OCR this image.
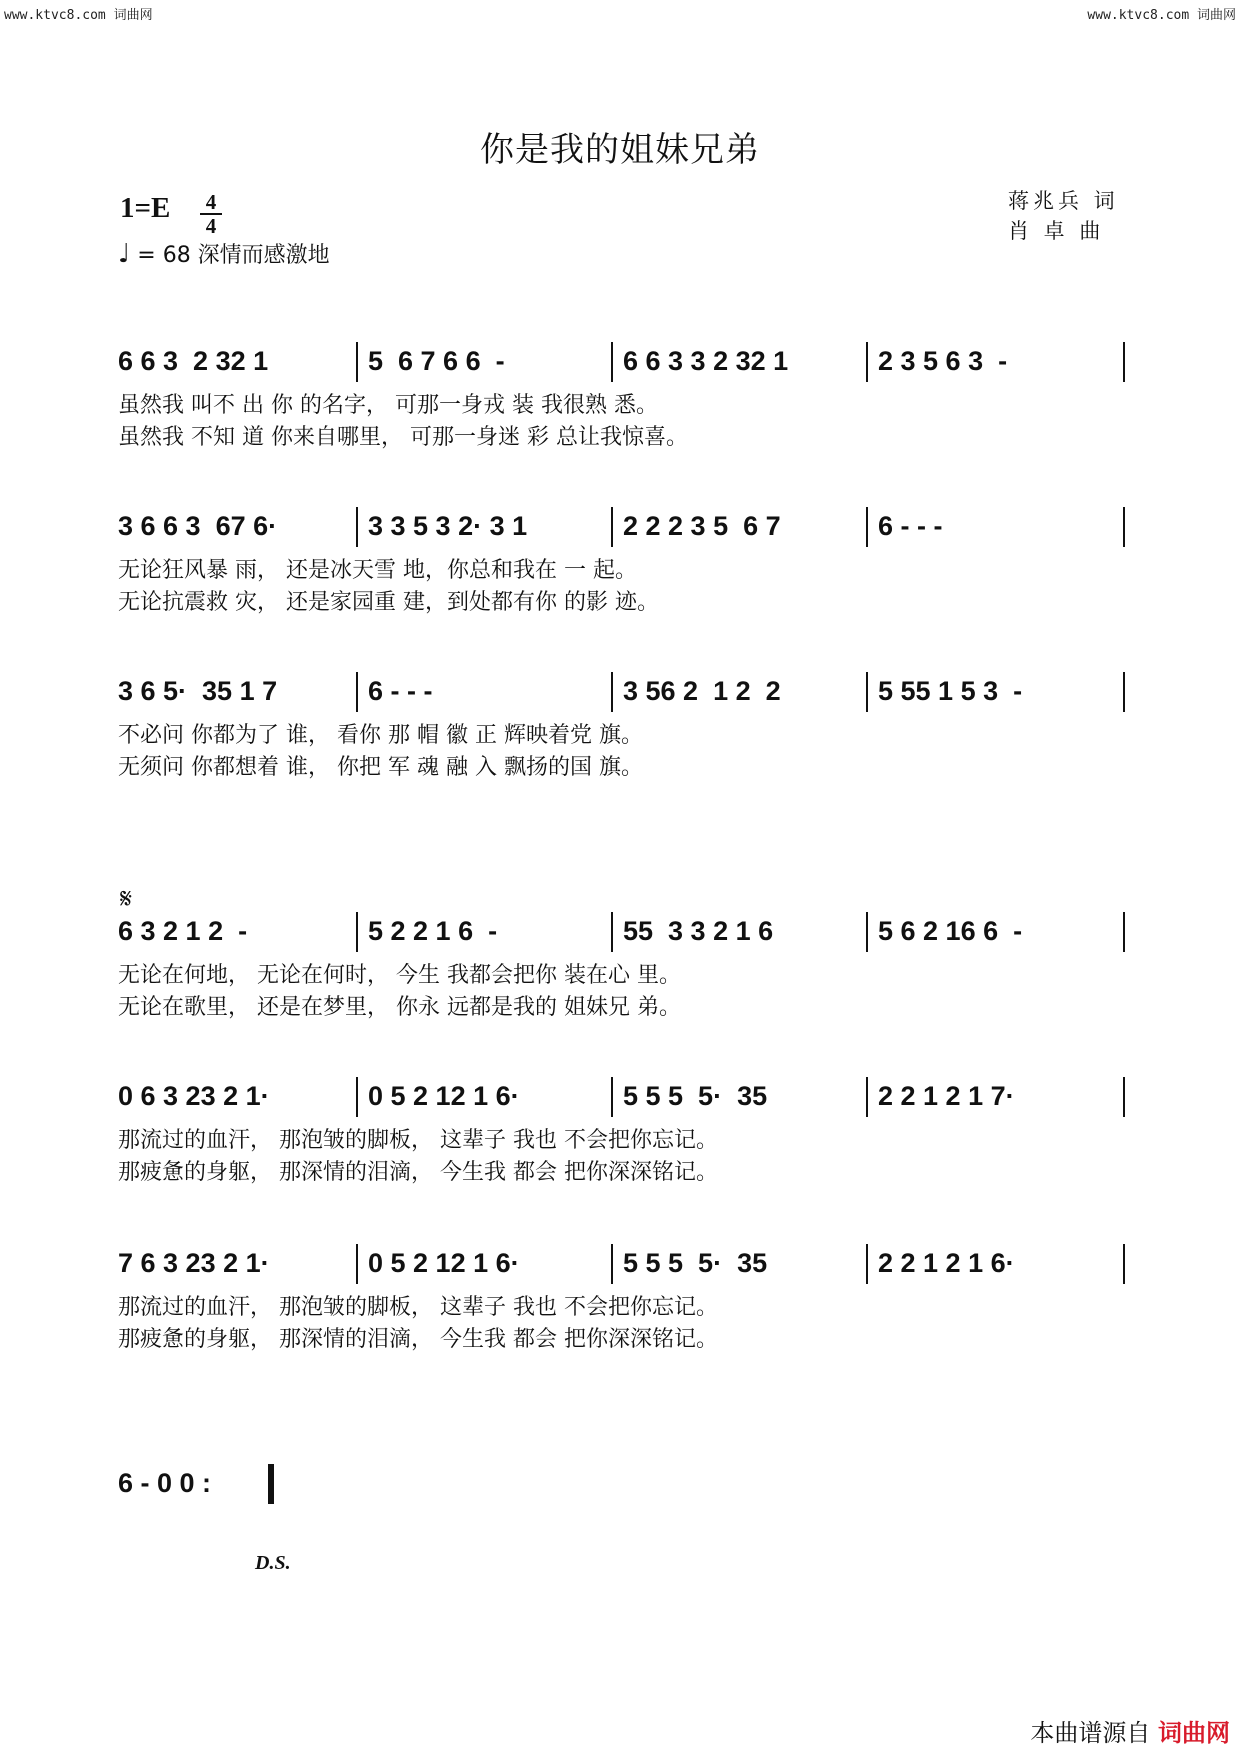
www.ktvc8.com 词曲网	www.ktvc8.com 词曲网
你是我的姐妹兄弟
1=E 4
4
♩ = 68 深情而感激地
蒋兆兵 词
肖 卓 曲
6 6 3  2 32 1	5  6 7 6 6  -	6 6 3 3 2 32 1	2 3 5 6 3  -
虽然我 叫不 出 你 的名字， 可那一身戎 装 我很熟 悉。
虽然我 不知 道 你来自哪里， 可那一身迷 彩 总让我惊喜。
3 6 6 3  67 6·	3 3 5 3 2· 3 1	2 2 2 3 5  6 7	6 - - -
无论狂风暴 雨， 还是冰天雪 地，你总和我在 一 起。
无论抗震救 灾， 还是家园重 建，到处都有你 的影 迹。
3 6 5·  35 1 7	6 - - -	3 56 2  1 2  2	5 55 1 5 3  -
不必问 你都为了 谁， 看你 那 帽 徽 正 辉映着党 旗。
无须问 你都想着 谁， 你把 军 魂 融 入 飘扬的国 旗。
6 3 2 1 2  -	5 2 2 1 6  -	55  3 3 2 1 6	5 6 2 16 6  -
无论在何地， 无论在何时， 今生 我都会把你 装在心 里。
无论在歌里， 还是在梦里， 你永 远都是我的 姐妹兄 弟。
0 6 3 23 2 1·	0 5 2 12 1 6·	5 5 5  5·  35	2 2 1 2 1 7·
那流过的血汗， 那泡皱的脚板， 这辈子 我也 不会把你忘记。
那疲惫的身躯， 那深情的泪滴， 今生我 都会 把你深深铭记。
7 6 3 23 2 1·	0 5 2 12 1 6·	5 5 5  5·  35	2 2 1 2 1 6·
那流过的血汗， 那泡皱的脚板， 这辈子 我也 不会把你忘记。
那疲惫的身躯， 那深情的泪滴， 今生我 都会 把你深深铭记。
6 - 0 0 :
𝄋
D.S.
本曲谱源自 词曲网
